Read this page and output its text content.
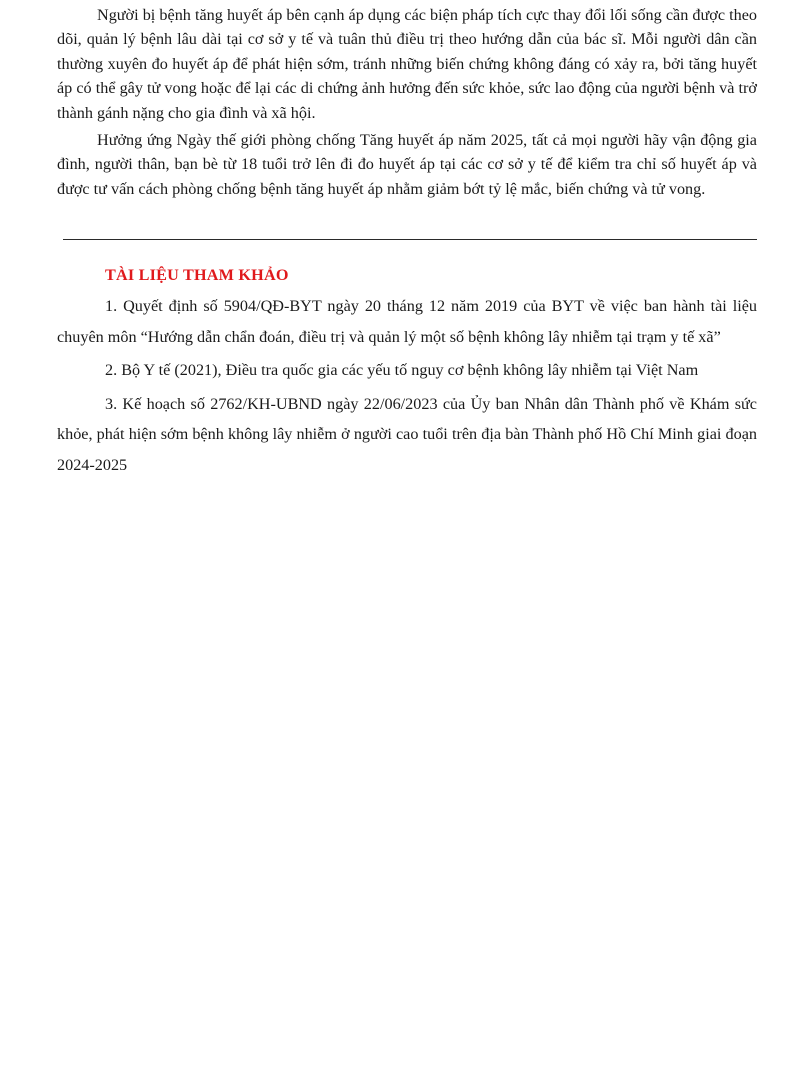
Người bị bệnh tăng huyết áp bên cạnh áp dụng các biện pháp tích cực thay đổi lối sống cần được theo dõi, quản lý bệnh lâu dài tại cơ sở y tế và tuân thủ điều trị theo hướng dẫn của bác sĩ. Mỗi người dân cần thường xuyên đo huyết áp để phát hiện sớm, tránh những biến chứng không đáng có xảy ra, bởi tăng huyết áp có thể gây tử vong hoặc để lại các di chứng ảnh hưởng đến sức khỏe, sức lao động của người bệnh và trở thành gánh nặng cho gia đình và xã hội.

Hưởng ứng Ngày thế giới phòng chống Tăng huyết áp năm 2025, tất cả mọi người hãy vận động gia đình, người thân, bạn bè từ 18 tuổi trở lên đi đo huyết áp tại các cơ sở y tế để kiểm tra chỉ số huyết áp và được tư vấn cách phòng chống bệnh tăng huyết áp nhằm giảm bớt tỷ lệ mắc, biến chứng và tử vong.

TÀI LIỆU THAM KHẢO

1. Quyết định số 5904/QĐ-BYT ngày 20 tháng 12 năm 2019 của BYT về việc ban hành tài liệu chuyên môn “Hướng dẫn chẩn đoán, điều trị và quản lý một số bệnh không lây nhiễm tại trạm y tế xã”

2. Bộ Y tế (2021), Điều tra quốc gia các yếu tố nguy cơ bệnh không lây nhiễm tại Việt Nam

3. Kế hoạch số 2762/KH-UBND ngày 22/06/2023 của Ủy ban Nhân dân Thành phố về Khám sức khỏe, phát hiện sớm bệnh không lây nhiễm ở người cao tuổi trên địa bàn Thành phố Hồ Chí Minh giai đoạn 2024-2025
